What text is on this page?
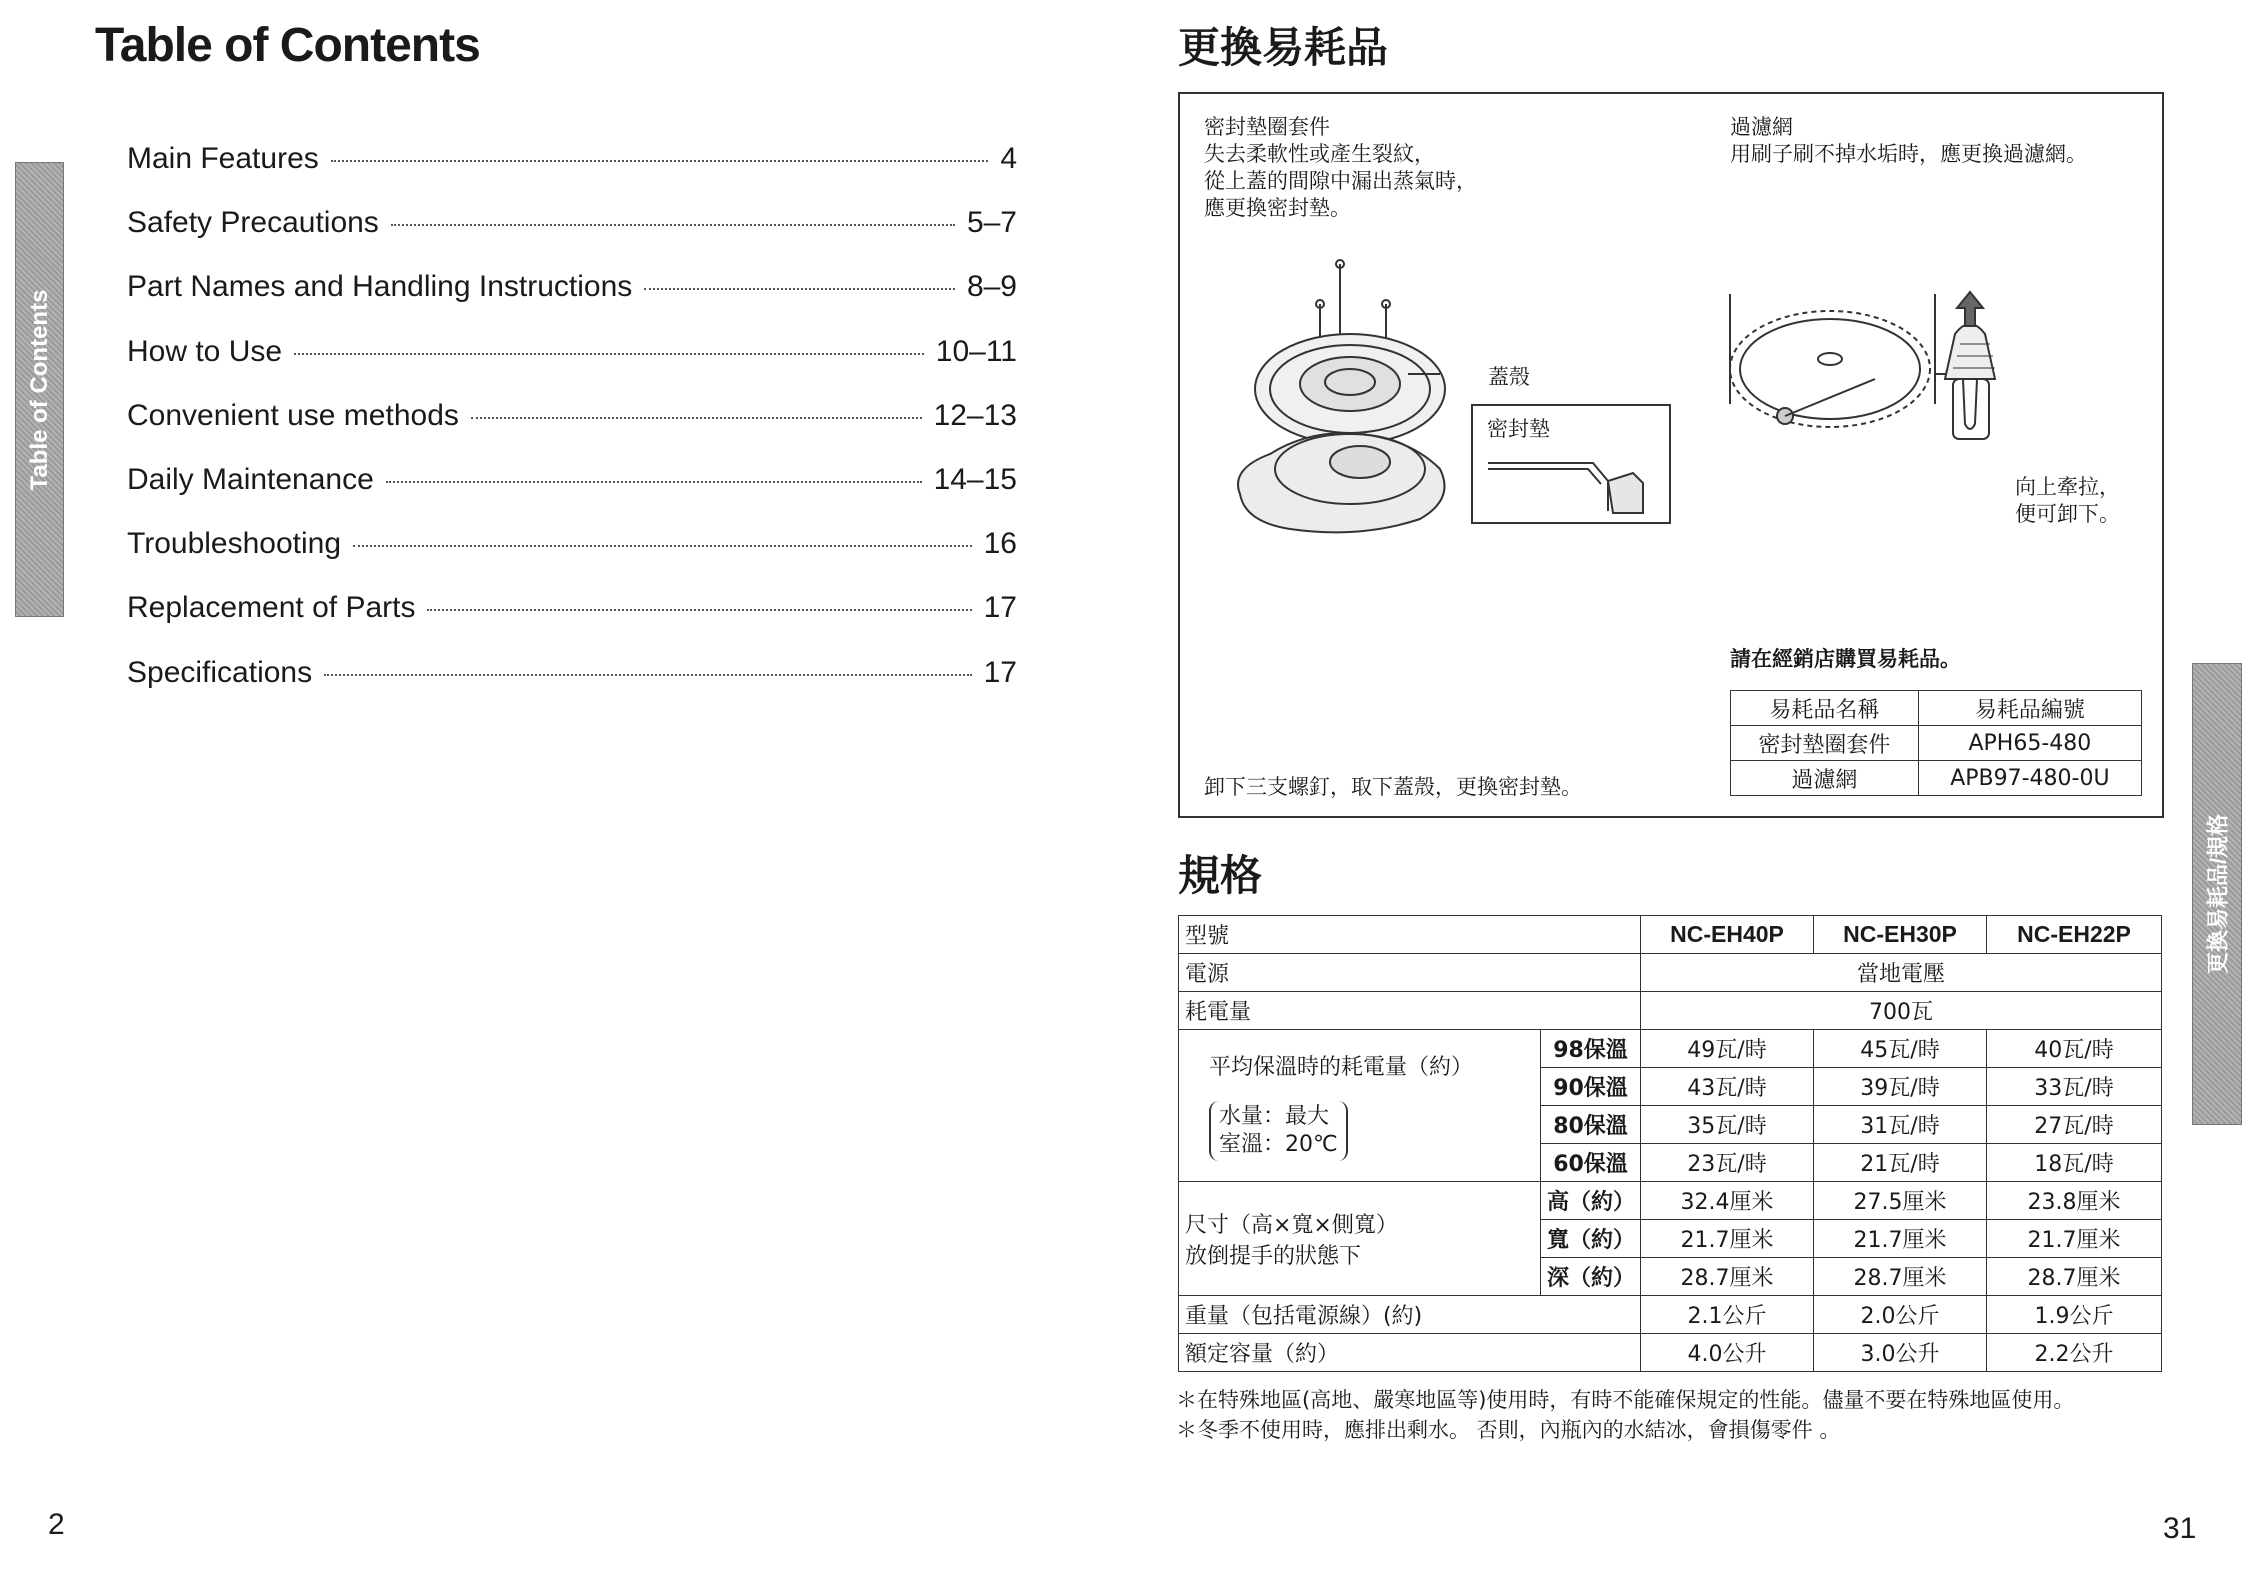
Table of Contents
Table of Contents
Main Features	4
Safety Precautions	5–7
Part Names and Handling Instructions	8–9
How to Use	10–11
Convenient use methods	12–13
Daily Maintenance	14–15
Troubleshooting	16
Replacement of Parts	17
Specifications	17
2
更換易耗品
更換易耗品/規格
密封墊圈套件
失去柔軟性或產生裂紋，
從上蓋的間隙中漏出蒸氣時，
應更換密封墊。
過濾網
用刷子刷不掉水垢時，應更換過濾網。
蓋殼
密封墊
卸下三支螺釘，取下蓋殼，更換密封墊。
向上牽拉，
便可卸下。
請在經銷店購買易耗品。
易耗品名稱	易耗品編號
密封墊圈套件	APH65-480
過濾網	APB97-480-0U
規格
型號		NC-EH40P	NC-EH30P	NC-EH22P
電源		當地電壓		
耗電量		700瓦		

平均保溫時的耗電量（約）
水量：最大
室溫：20℃	98保溫	49瓦/時	45瓦/時	40瓦/時
	90保溫	43瓦/時	39瓦/時	33瓦/時
	80保溫	35瓦/時	31瓦/時	27瓦/時
	60保溫	23瓦/時	21瓦/時	18瓦/時

尺寸（高×寬×側寬）
放倒提手的狀態下	高（約）	32.4厘米	27.5厘米	23.8厘米
	寬（約）	21.7厘米	21.7厘米	21.7厘米
	深（約）	28.7厘米	28.7厘米	28.7厘米
重量（包括電源線）(約)		2.1公斤	2.0公斤	1.9公斤
額定容量（約）		4.0公升	3.0公升	2.2公升
＊在特殊地區(高地、嚴寒地區等)使用時，有時不能確保規定的性能。儘量不要在特殊地區使用。
＊冬季不使用時，應排出剩水。 否則，內瓶內的水結冰，會損傷零件 。
31
